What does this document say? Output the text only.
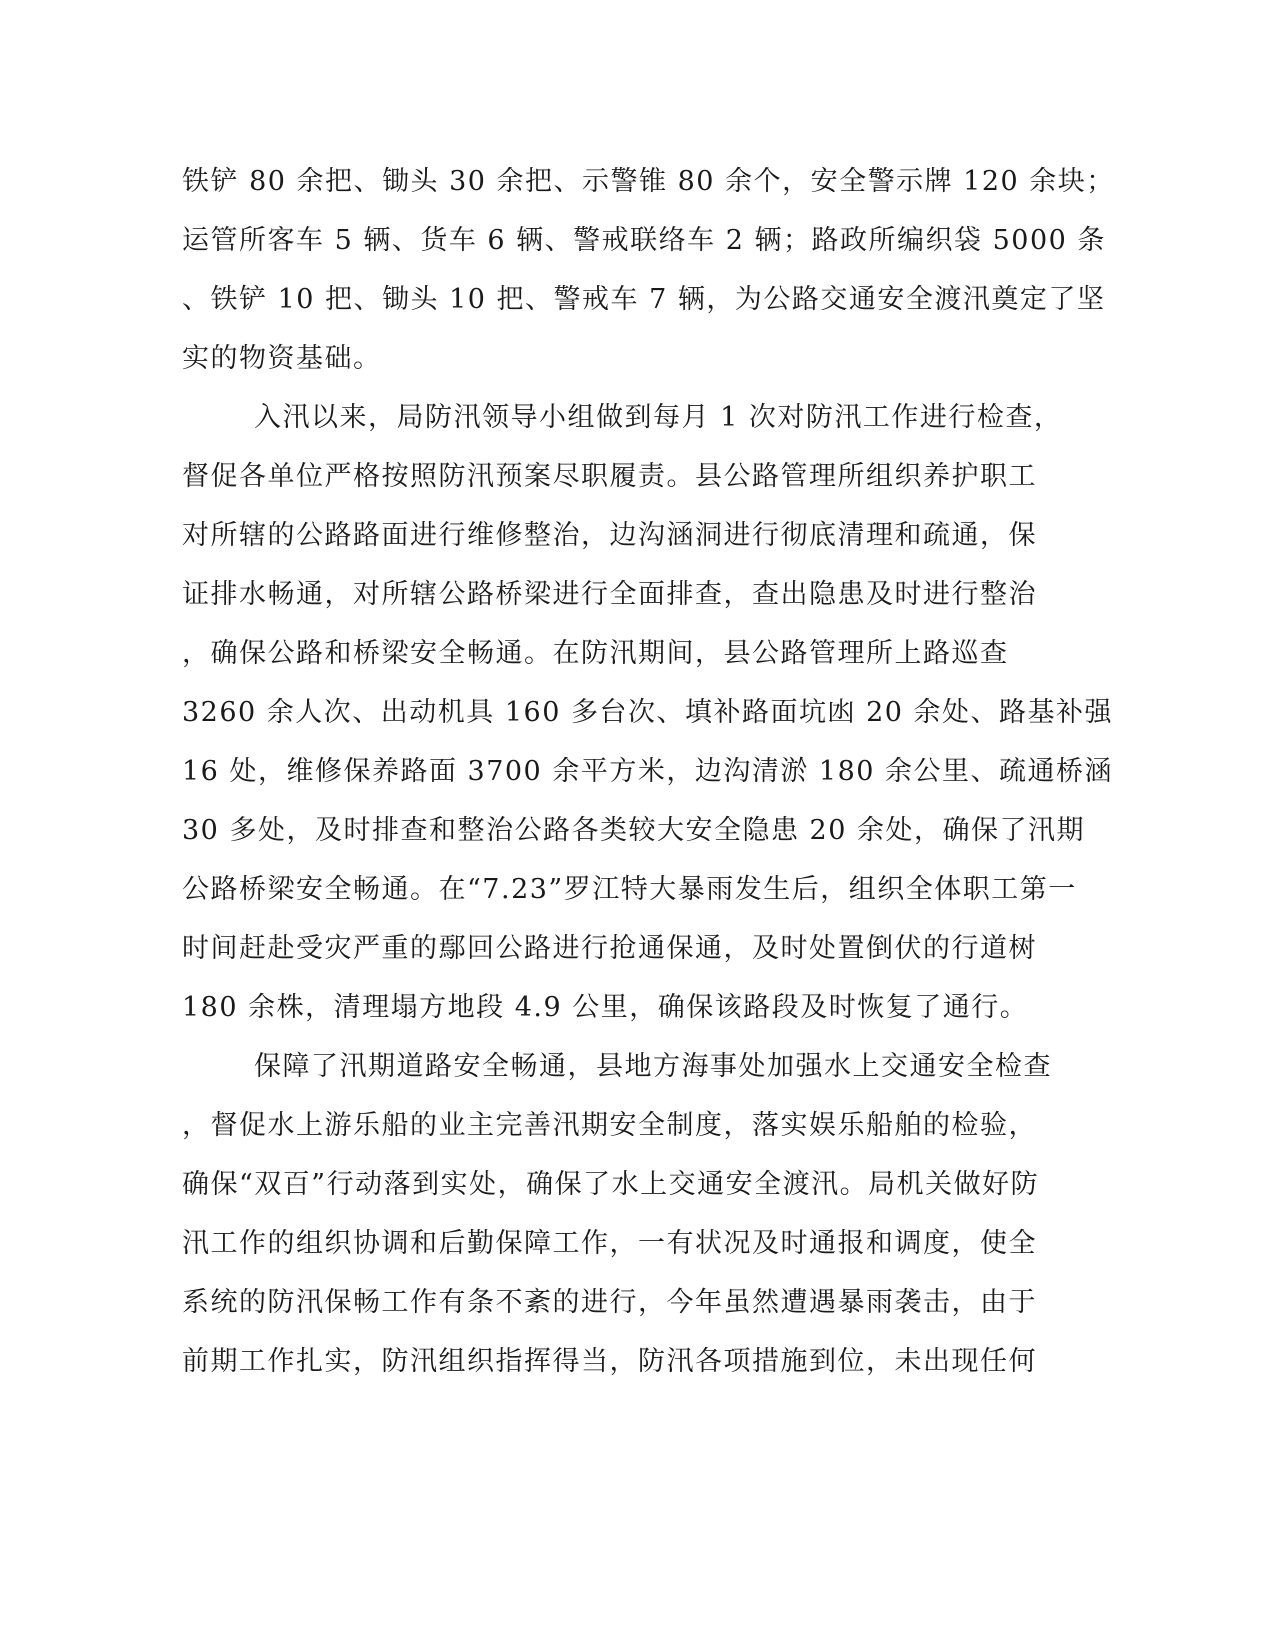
铁铲 80 余把、锄头 30 余把、示警锥 80 余个，安全警示牌 120 余块；
运管所客车 5 辆、货车 6 辆、警戒联络车 2 辆；路政所编织袋 5000 条
、铁铲 10 把、锄头 10 把、警戒车 7 辆，为公路交通安全渡汛奠定了坚
实的物资基础。
入汛以来，局防汛领导小组做到每月 1 次对防汛工作进行检查，
督促各单位严格按照防汛预案尽职履责。县公路管理所组织养护职工
对所辖的公路路面进行维修整治，边沟涵洞进行彻底清理和疏通，保
证排水畅通，对所辖公路桥梁进行全面排查，查出隐患及时进行整治
，确保公路和桥梁安全畅通。在防汛期间，县公路管理所上路巡查
3260 余人次、出动机具 160 多台次、填补路面坑凼 20 余处、路基补强
16 处，维修保养路面 3700 余平方米，边沟清淤 180 余公里、疏通桥涵
30 多处，及时排查和整治公路各类较大安全隐患 20 余处，确保了汛期
公路桥梁安全畅通。在“7.23”罗江特大暴雨发生后，组织全体职工第一
时间赶赴受灾严重的鄢回公路进行抢通保通，及时处置倒伏的行道树
180 余株，清理塌方地段 4.9 公里，确保该路段及时恢复了通行。
保障了汛期道路安全畅通，县地方海事处加强水上交通安全检查
，督促水上游乐船的业主完善汛期安全制度，落实娱乐船舶的检验，
确保“双百”行动落到实处，确保了水上交通安全渡汛。局机关做好防
汛工作的组织协调和后勤保障工作，一有状况及时通报和调度，使全
系统的防汛保畅工作有条不紊的进行，今年虽然遭遇暴雨袭击，由于
前期工作扎实，防汛组织指挥得当，防汛各项措施到位，未出现任何
